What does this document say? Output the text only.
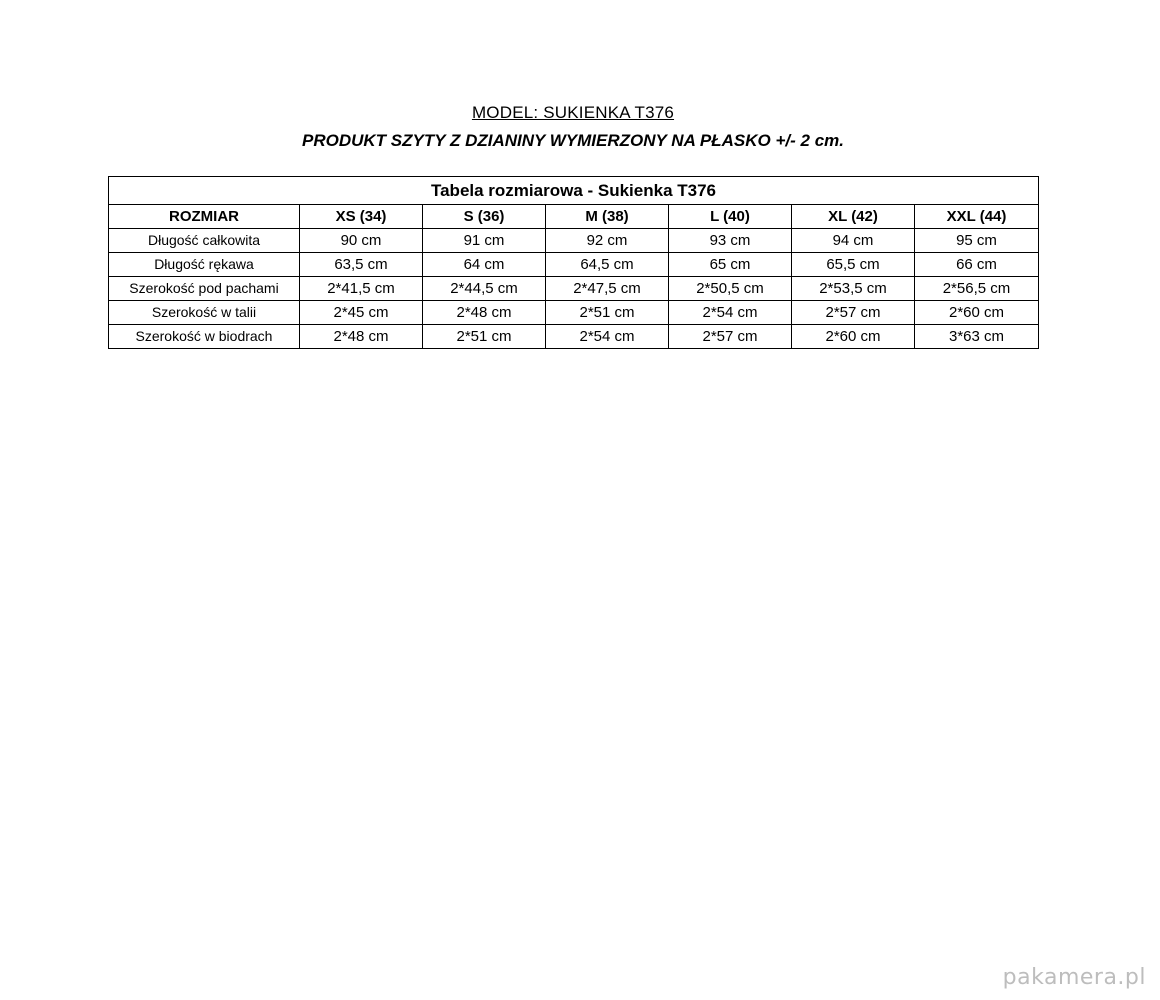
MODEL: SUKIENKA T376
PRODUKT SZYTY Z DZIANINY WYMIERZONY NA PŁASKO +/- 2 cm.
Tabela rozmiarowa - Sukienka T376						
ROZMIAR	XS (34)	S (36)	M (38)	L (40)	XL (42)	XXL (44)
Długość całkowita	90 cm	91 cm	92 cm	93 cm	94 cm	95 cm
Długość rękawa	63,5 cm	64 cm	64,5 cm	65 cm	65,5 cm	66 cm
Szerokość pod pachami	2*41,5 cm	2*44,5 cm	2*47,5 cm	2*50,5 cm	2*53,5 cm	2*56,5 cm
Szerokość w talii	2*45 cm	2*48 cm	2*51 cm	2*54 cm	2*57 cm	2*60 cm
Szerokość w biodrach	2*48 cm	2*51 cm	2*54 cm	2*57 cm	2*60 cm	3*63 cm
pakamera.pl
